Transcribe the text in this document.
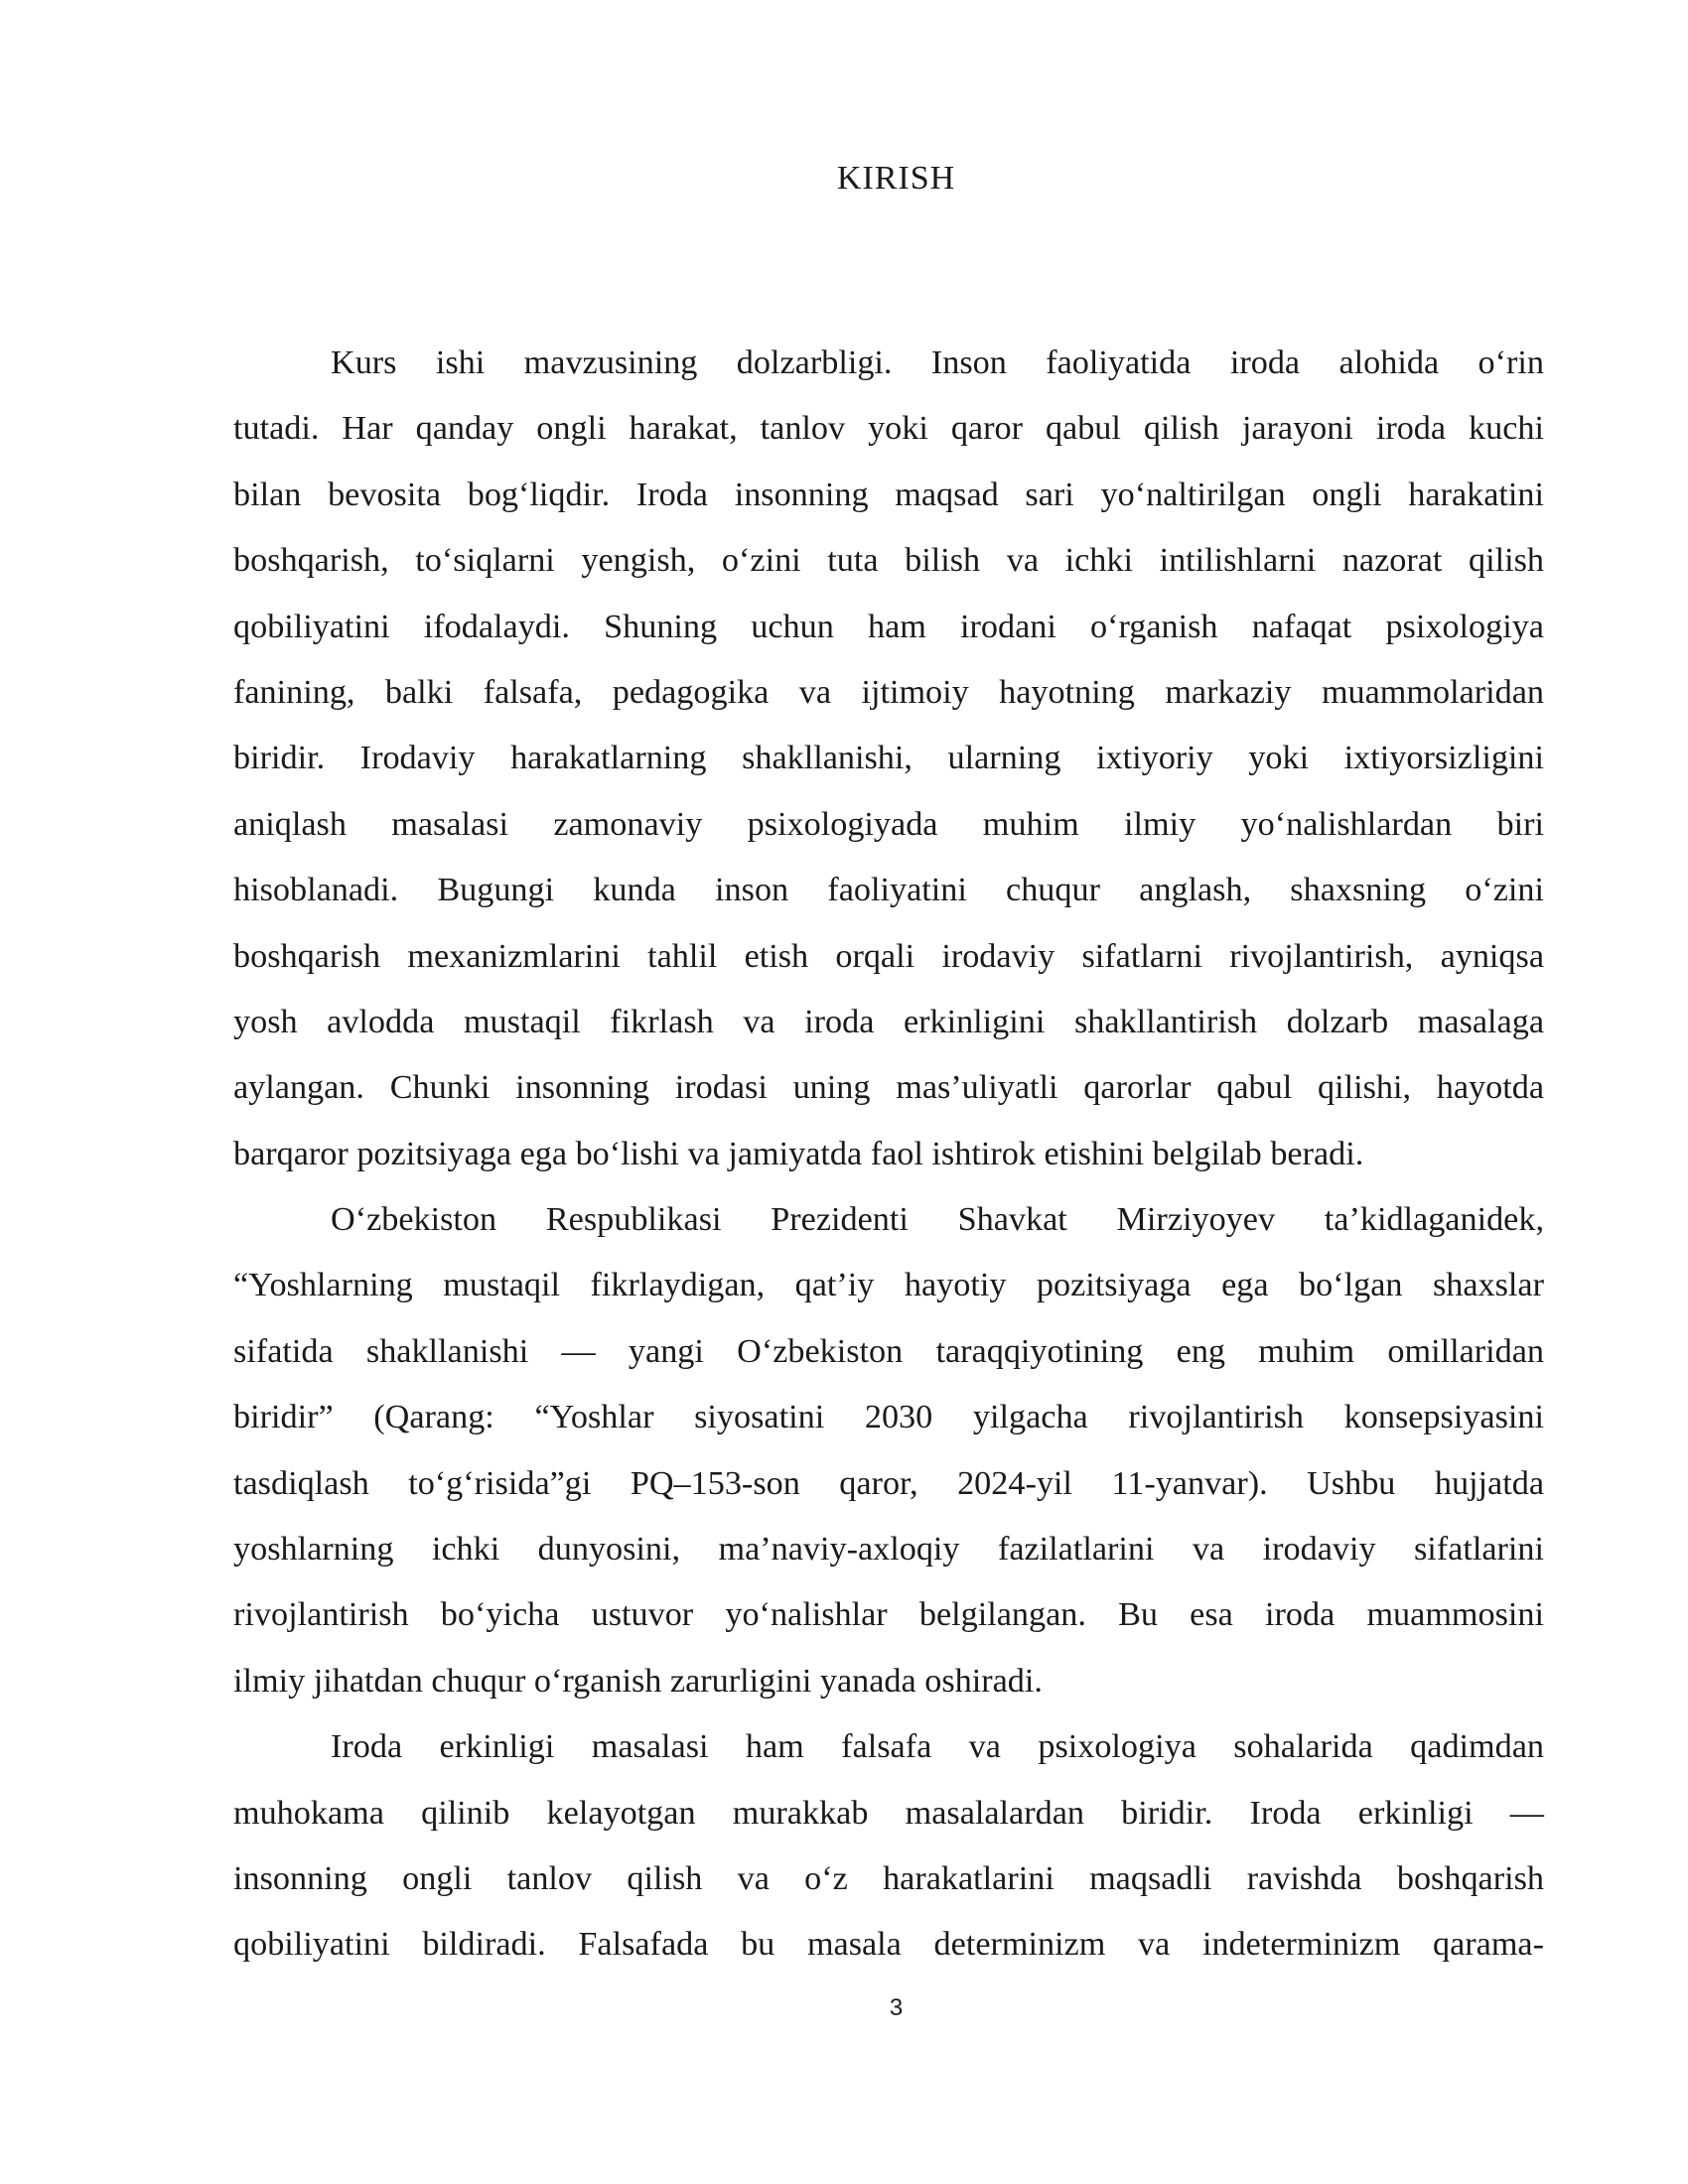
KIRISH
Kurs ishi mavzusining dolzarbligi. Inson faoliyatida iroda alohida o‘rin
tutadi. Har qanday ongli harakat, tanlov yoki qaror qabul qilish jarayoni iroda kuchi
bilan bevosita bog‘liqdir. Iroda insonning maqsad sari yo‘naltirilgan ongli harakatini
boshqarish, to‘siqlarni yengish, o‘zini tuta bilish va ichki intilishlarni nazorat qilish
qobiliyatini ifodalaydi. Shuning uchun ham irodani o‘rganish nafaqat psixologiya
fanining, balki falsafa, pedagogika va ijtimoiy hayotning markaziy muammolaridan
biridir. Irodaviy harakatlarning shakllanishi, ularning ixtiyoriy yoki ixtiyorsizligini
aniqlash masalasi zamonaviy psixologiyada muhim ilmiy yo‘nalishlardan biri
hisoblanadi. Bugungi kunda inson faoliyatini chuqur anglash, shaxsning o‘zini
boshqarish mexanizmlarini tahlil etish orqali irodaviy sifatlarni rivojlantirish, ayniqsa
yosh avlodda mustaqil fikrlash va iroda erkinligini shakllantirish dolzarb masalaga
aylangan. Chunki insonning irodasi uning mas’uliyatli qarorlar qabul qilishi, hayotda
barqaror pozitsiyaga ega bo‘lishi va jamiyatda faol ishtirok etishini belgilab beradi.
O‘zbekiston Respublikasi Prezidenti Shavkat Mirziyoyev ta’kidlaganidek,
“Yoshlarning mustaqil fikrlaydigan, qat’iy hayotiy pozitsiyaga ega bo‘lgan shaxslar
sifatida shakllanishi — yangi O‘zbekiston taraqqiyotining eng muhim omillaridan
biridir” (Qarang: “Yoshlar siyosatini 2030 yilgacha rivojlantirish konsepsiyasini
tasdiqlash to‘g‘risida”gi PQ–153-son qaror, 2024-yil 11-yanvar). Ushbu hujjatda
yoshlarning ichki dunyosini, ma’naviy-axloqiy fazilatlarini va irodaviy sifatlarini
rivojlantirish bo‘yicha ustuvor yo‘nalishlar belgilangan. Bu esa iroda muammosini
ilmiy jihatdan chuqur o‘rganish zarurligini yanada oshiradi.
Iroda erkinligi masalasi ham falsafa va psixologiya sohalarida qadimdan
muhokama qilinib kelayotgan murakkab masalalardan biridir. Iroda erkinligi —
insonning ongli tanlov qilish va o‘z harakatlarini maqsadli ravishda boshqarish
qobiliyatini bildiradi. Falsafada bu masala determinizm va indeterminizm qarama-
3
